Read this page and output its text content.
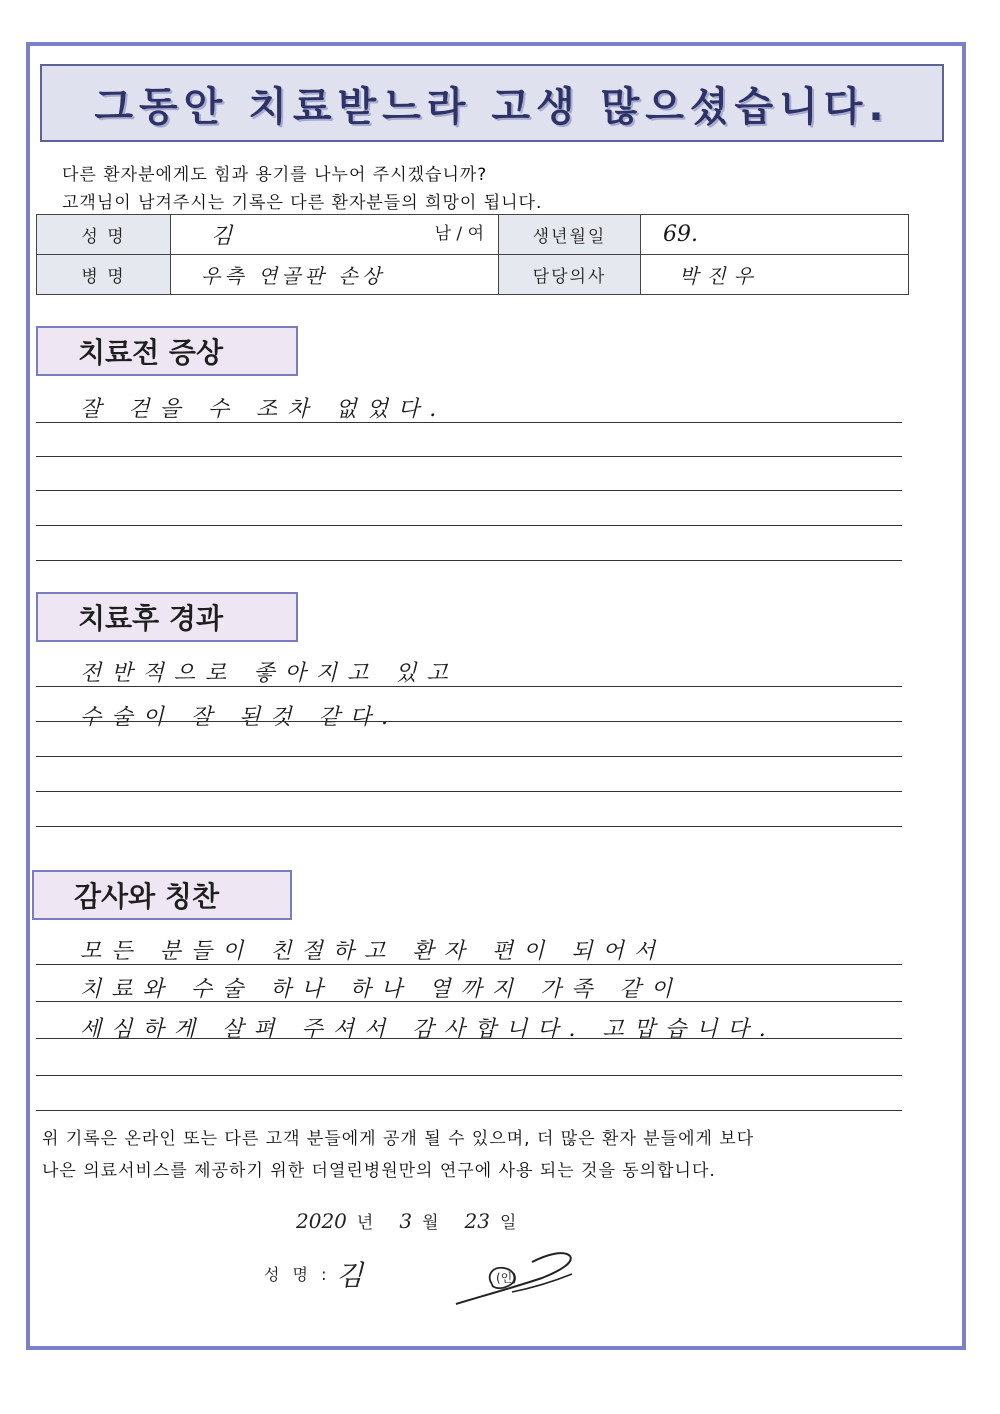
그동안 치료받느라 고생 많으셨습니다.
다른 환자분에게도 힘과 용기를 나누어 주시겠습니까?
고객님이 남겨주시는 기록은 다른 환자분들의 희망이 됩니다.
성 명	김 남 / 여	생년월일	69.
병 명	우측 연골판 손상	담당의사	박진우
치료전 증상
잘 걷을 수 조차 없었다.
치료후 경과
전반적으로 좋아지고 있고
수술이 잘 된것 같다.
감사와 칭찬
모든 분들이 친절하고 환자 편이 되어서
치료와 수술 하나 하나 열까지 가족 같이
세심하게 살펴 주셔서 감사합니다. 고맙습니다.
위 기록은 온라인 또는 다른 고객 분들에게 공개 될 수 있으며, 더 많은 환자 분들에게 보다
나은 의료서비스를 제공하기 위한 더열린병원만의 연구에 사용 되는 것을 동의합니다.
2020 년 3 월 23 일
성 명 : 김	(인)
